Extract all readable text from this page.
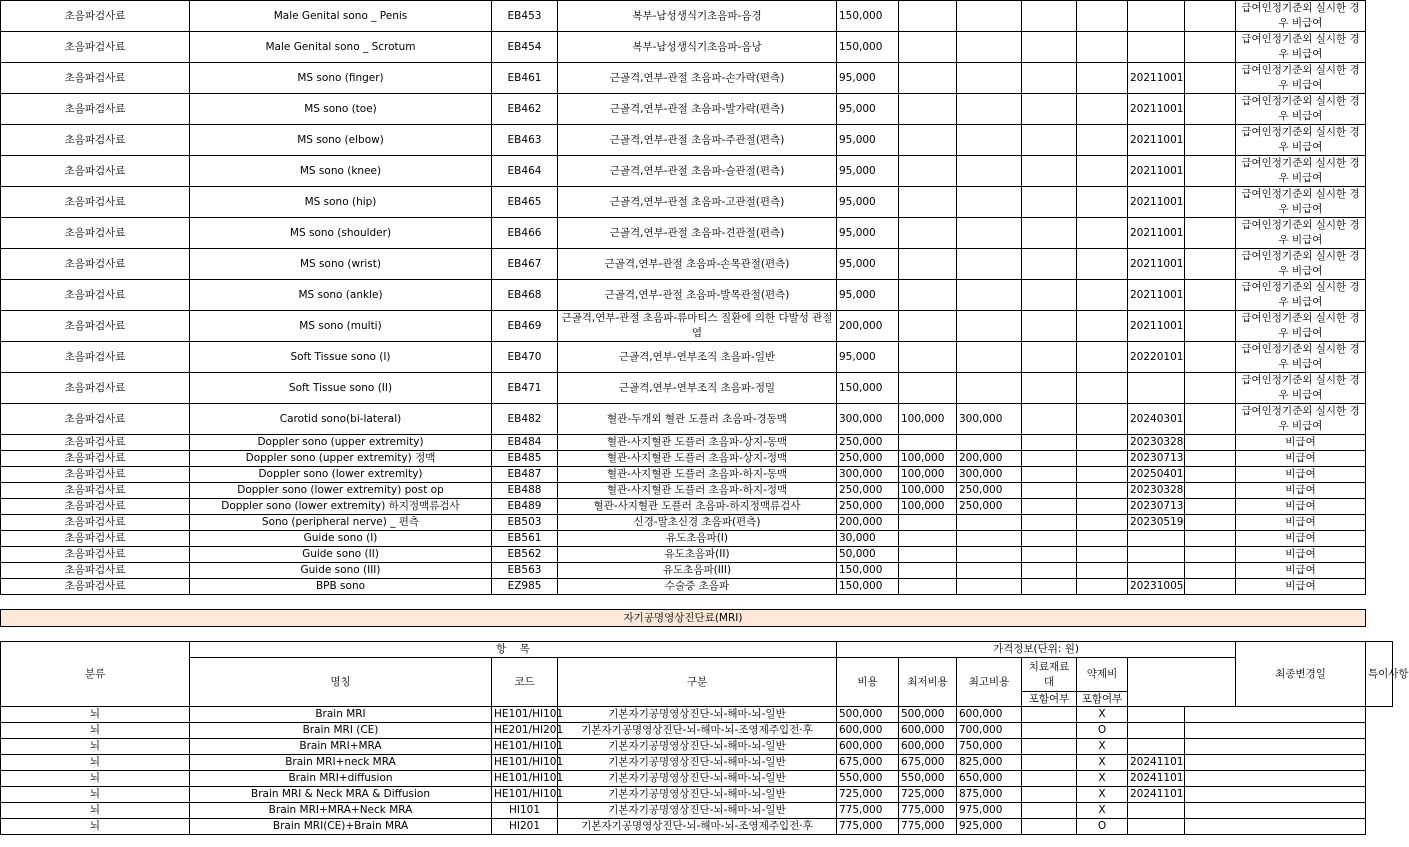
초음파검사료	Male Genital sono _ Penis	EB453	복부-남성생식기초음파-음경	150,000							급여인정기준외 실시한 경우 비급여	
초음파검사료	Male Genital sono _ Scrotum	EB454	복부-남성생식기초음파-음낭	150,000							급여인정기준외 실시한 경우 비급여	
초음파검사료	MS sono (finger)	EB461	근골격,연부-관절 초음파-손가락(편측)	95,000					20211001		급여인정기준외 실시한 경우 비급여	
초음파검사료	MS sono (toe)	EB462	근골격,연부-관절 초음파-발가락(편측)	95,000					20211001		급여인정기준외 실시한 경우 비급여	
초음파검사료	MS sono (elbow)	EB463	근골격,연부-관절 초음파-주관절(편측)	95,000					20211001		급여인정기준외 실시한 경우 비급여	
초음파검사료	MS sono (knee)	EB464	근골격,연부-관절 초음파-슬관절(편측)	95,000					20211001		급여인정기준외 실시한 경우 비급여	
초음파검사료	MS sono (hip)	EB465	근골격,연부-관절 초음파-고관절(편측)	95,000					20211001		급여인정기준외 실시한 경우 비급여	
초음파검사료	MS sono (shoulder)	EB466	근골격,연부-관절 초음파-견관절(편측)	95,000					20211001		급여인정기준외 실시한 경우 비급여	
초음파검사료	MS sono (wrist)	EB467	근골격,연부-관절 초음파-손목관절(편측)	95,000					20211001		급여인정기준외 실시한 경우 비급여	
초음파검사료	MS sono (ankle)	EB468	근골격,연부-관절 초음파-발목관절(편측)	95,000					20211001		급여인정기준외 실시한 경우 비급여	
초음파검사료	MS sono (multi)	EB469	근골격,연부-관절 초음파-류마티스 질환에 의한 다발성 관절염	200,000					20211001		급여인정기준외 실시한 경우 비급여	
초음파검사료	Soft Tissue sono (I)	EB470	근골격,연부-연부조직 초음파-일반	95,000					20220101		급여인정기준외 실시한 경우 비급여	
초음파검사료	Soft Tissue sono (II)	EB471	근골격,연부-연부조직 초음파-정밀	150,000							급여인정기준외 실시한 경우 비급여	
초음파검사료	Carotid sono(bi-lateral)	EB482	혈관-두개외 혈관 도플러 초음파-경동맥	300,000	100,000	300,000			20240301		급여인정기준외 실시한 경우 비급여	
초음파검사료	Doppler sono (upper extremity)	EB484	혈관-사지혈관 도플러 초음파-상지-동맥	250,000					20230328		비급여	
초음파검사료	Doppler sono (upper extremity) 정맥	EB485	혈관-사지혈관 도플러 초음파-상지-정맥	250,000	100,000	200,000			20230713		비급여	
초음파검사료	Doppler sono (lower extremity)	EB487	혈관-사지혈관 도플러 초음파-하지-동맥	300,000	100,000	300,000			20250401		비급여	
초음파검사료	Doppler sono (lower extremity) post op	EB488	혈관-사지혈관 도플러 초음파-하지-정맥	250,000	100,000	250,000			20230328		비급여	
초음파검사료	Doppler sono (lower extremity) 하지정맥류검사	EB489	혈관-사지혈관 도플러 초음파-하지정맥류검사	250,000	100,000	250,000			20230713		비급여	
초음파검사료	Sono (peripheral nerve) _ 편측	EB503	신경-말초신경 초음파(편측)	200,000					20230519		비급여	
초음파검사료	Guide sono (I)	EB561	유도초음파(I)	30,000							비급여	
초음파검사료	Guide sono (II)	EB562	유도초음파(II)	50,000							비급여	
초음파검사료	Guide sono (III)	EB563	유도초음파(III)	150,000							비급여	
초음파검사료	BPB sono	EZ985	수술중 초음파	150,000					20231005		비급여	

자기공명영상진단료(MRI)												

분류	항    목			가격정보(단위: 원)							최종변경일	특이사항
	명칭	코드	구분	비용	최저비용	최고비용	치료재료대	약제비				
							포함여부	포함여부				
뇌	Brain MRI	HE101/HI101	기본자기공명영상진단-뇌-해마-뇌-일반	500,000	500,000	600,000		X				
뇌	Brain MRI (CE)	HE201/HI201	기본자기공명영상진단-뇌-해마-뇌-조영제주입전·후	600,000	600,000	700,000		O				
뇌	Brain MRI+MRA	HE101/HI101	기본자기공명영상진단-뇌-해마-뇌-일반	600,000	600,000	750,000		X				
뇌	Brain MRI+neck MRA	HE101/HI101	기본자기공명영상진단-뇌-해마-뇌-일반	675,000	675,000	825,000		X	20241101			
뇌	Brain MRI+diffusion	HE101/HI101	기본자기공명영상진단-뇌-해마-뇌-일반	550,000	550,000	650,000		X	20241101			
뇌	Brain MRI & Neck MRA & Diffusion	HE101/HI101	기본자기공명영상진단-뇌-해마-뇌-일반	725,000	725,000	875,000		X	20241101			
뇌	Brain MRI+MRA+Neck MRA	HI101	기본자기공명영상진단-뇌-해마-뇌-일반	775,000	775,000	975,000		X				
뇌	Brain MRI(CE)+Brain MRA	HI201	기본자기공명영상진단-뇌-해마-뇌-조영제주입전·후	775,000	775,000	925,000		O				
